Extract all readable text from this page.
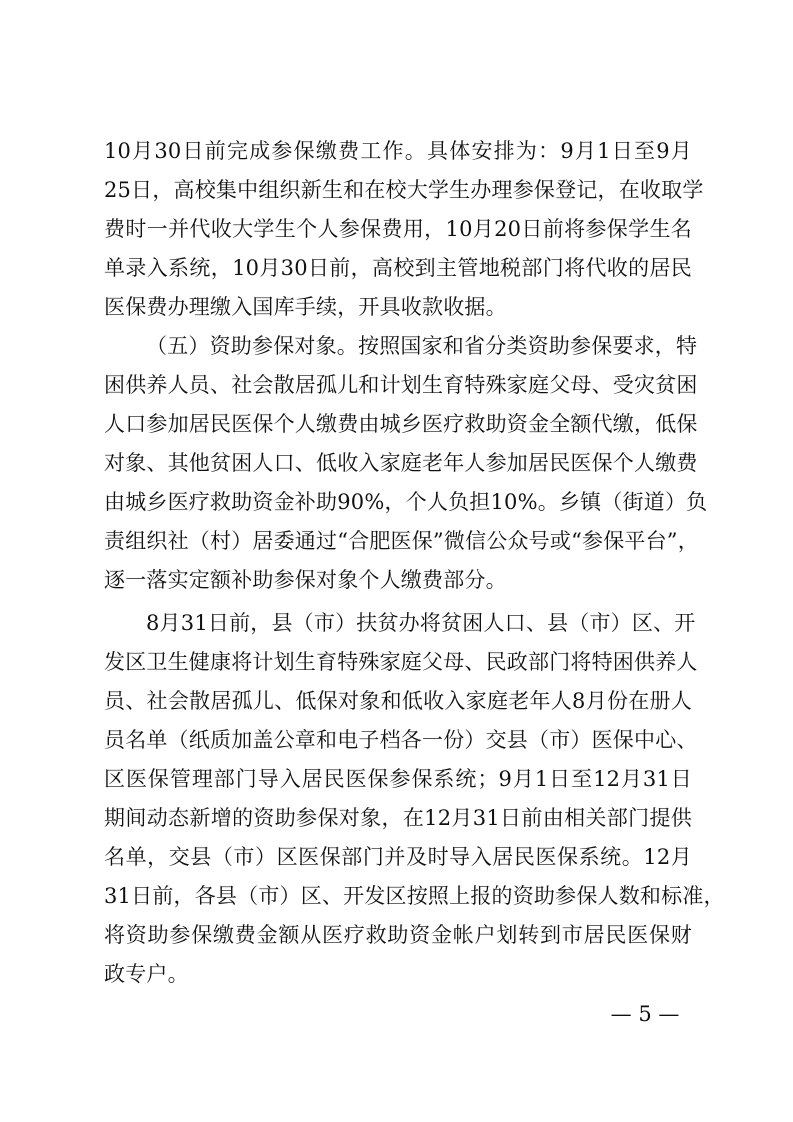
10月30日前完成参保缴费工作。具体安排为：9月1日至9月
25日，高校集中组织新生和在校大学生办理参保登记，在收取学
费时一并代收大学生个人参保费用，10月20日前将参保学生名
单录入系统，10月30日前，高校到主管地税部门将代收的居民
医保费办理缴入国库手续，开具收款收据。
（五）资助参保对象。按照国家和省分类资助参保要求，特
困供养人员、社会散居孤儿和计划生育特殊家庭父母、受灾贫困
人口参加居民医保个人缴费由城乡医疗救助资金全额代缴，低保
对象、其他贫困人口、低收入家庭老年人参加居民医保个人缴费
由城乡医疗救助资金补助90%，个人负担10%。乡镇（街道）负
责组织社（村）居委通过“合肥医保”微信公众号或“参保平台”，
逐一落实定额补助参保对象个人缴费部分。
8月31日前，县（市）扶贫办将贫困人口、县（市）区、开
发区卫生健康将计划生育特殊家庭父母、民政部门将特困供养人
员、社会散居孤儿、低保对象和低收入家庭老年人8月份在册人
员名单（纸质加盖公章和电子档各一份）交县（市）医保中心、
区医保管理部门导入居民医保参保系统；9月1日至12月31日
期间动态新增的资助参保对象，在12月31日前由相关部门提供
名单，交县（市）区医保部门并及时导入居民医保系统。12月
31日前，各县（市）区、开发区按照上报的资助参保人数和标准，
将资助参保缴费金额从医疗救助资金帐户划转到市居民医保财
政专户。
— 5 —
